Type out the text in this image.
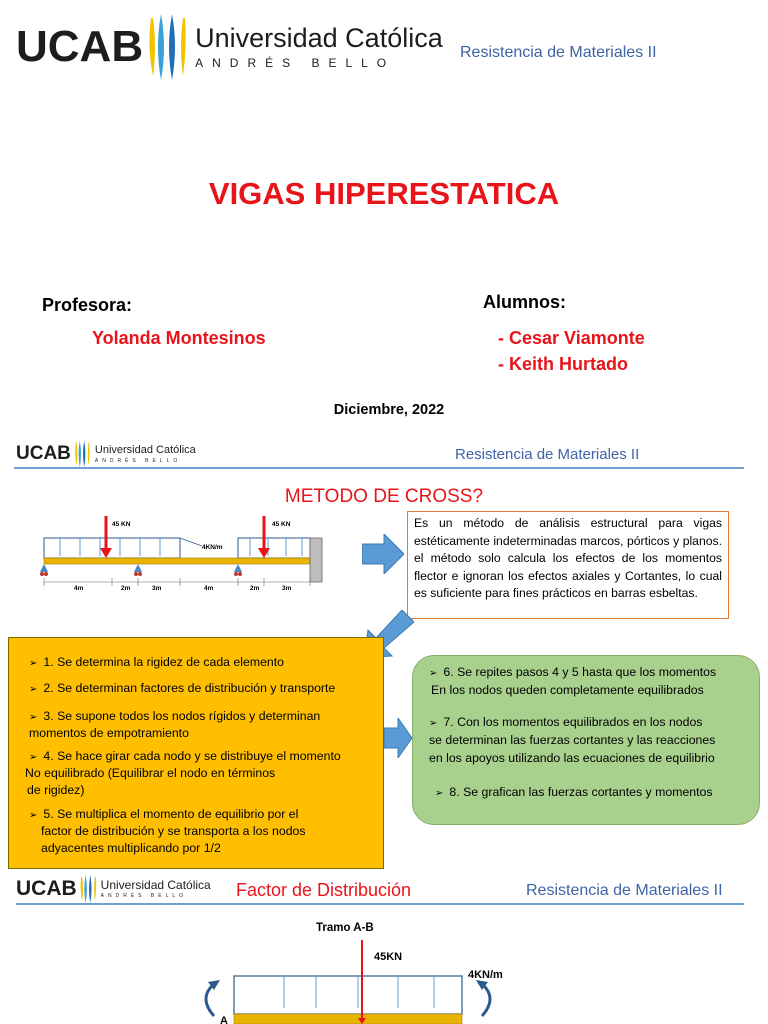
UCAB Universidad Católica
ANDRÉS BELLO
Resistencia de Materiales II
VIGAS HIPERESTATICA
Profesora:
Yolanda Montesinos
Alumnos:
- Cesar Viamonte
- Keith Hurtado
Diciembre, 2022
UCAB Universidad Católica
ANDRÉS BELLO	Resistencia de Materiales II
METODO DE CROSS?
45 KN	45 KN
4KN/m
4m	2m	3m	4m	2m	3m
Es un método de análisis estructural para vigas estéticamente indeterminadas marcos, pórticos y planos. el método solo calcula los efectos de los momentos flector e ignoran los efectos axiales y Cortantes, lo cual es suficiente para fines prácticos en barras esbeltas.
➢ 1. Se determina la rigidez de cada elemento
➢ 2. Se determinan factores de distribución y transporte
➢ 3. Se supone todos los nodos rígidos y determinan
momentos de empotramiento
➢ 4. Se hace girar cada nodo y se distribuye el momento
No equilibrado (Equilibrar el nodo en términos
de rigidez)
➢ 5. Se multiplica el momento de equilibrio por el
factor de distribución y se transporta a los nodos
adyacentes multiplicando por 1/2
➢ 6. Se repites pasos 4 y 5 hasta que los momentos
En los nodos queden completamente equilibrados
➢ 7. Con los momentos equilibrados en los nodos
se determinan las fuerzas cortantes y las reacciones
en los apoyos utilizando las ecuaciones de equilibrio
➢ 8. Se grafican las fuerzas cortantes y momentos
UCAB Universidad Católica
ANDRÉS BELLO	Factor de Distribución	Resistencia de Materiales II
Tramo A-B
45KN
4KN/m
A
